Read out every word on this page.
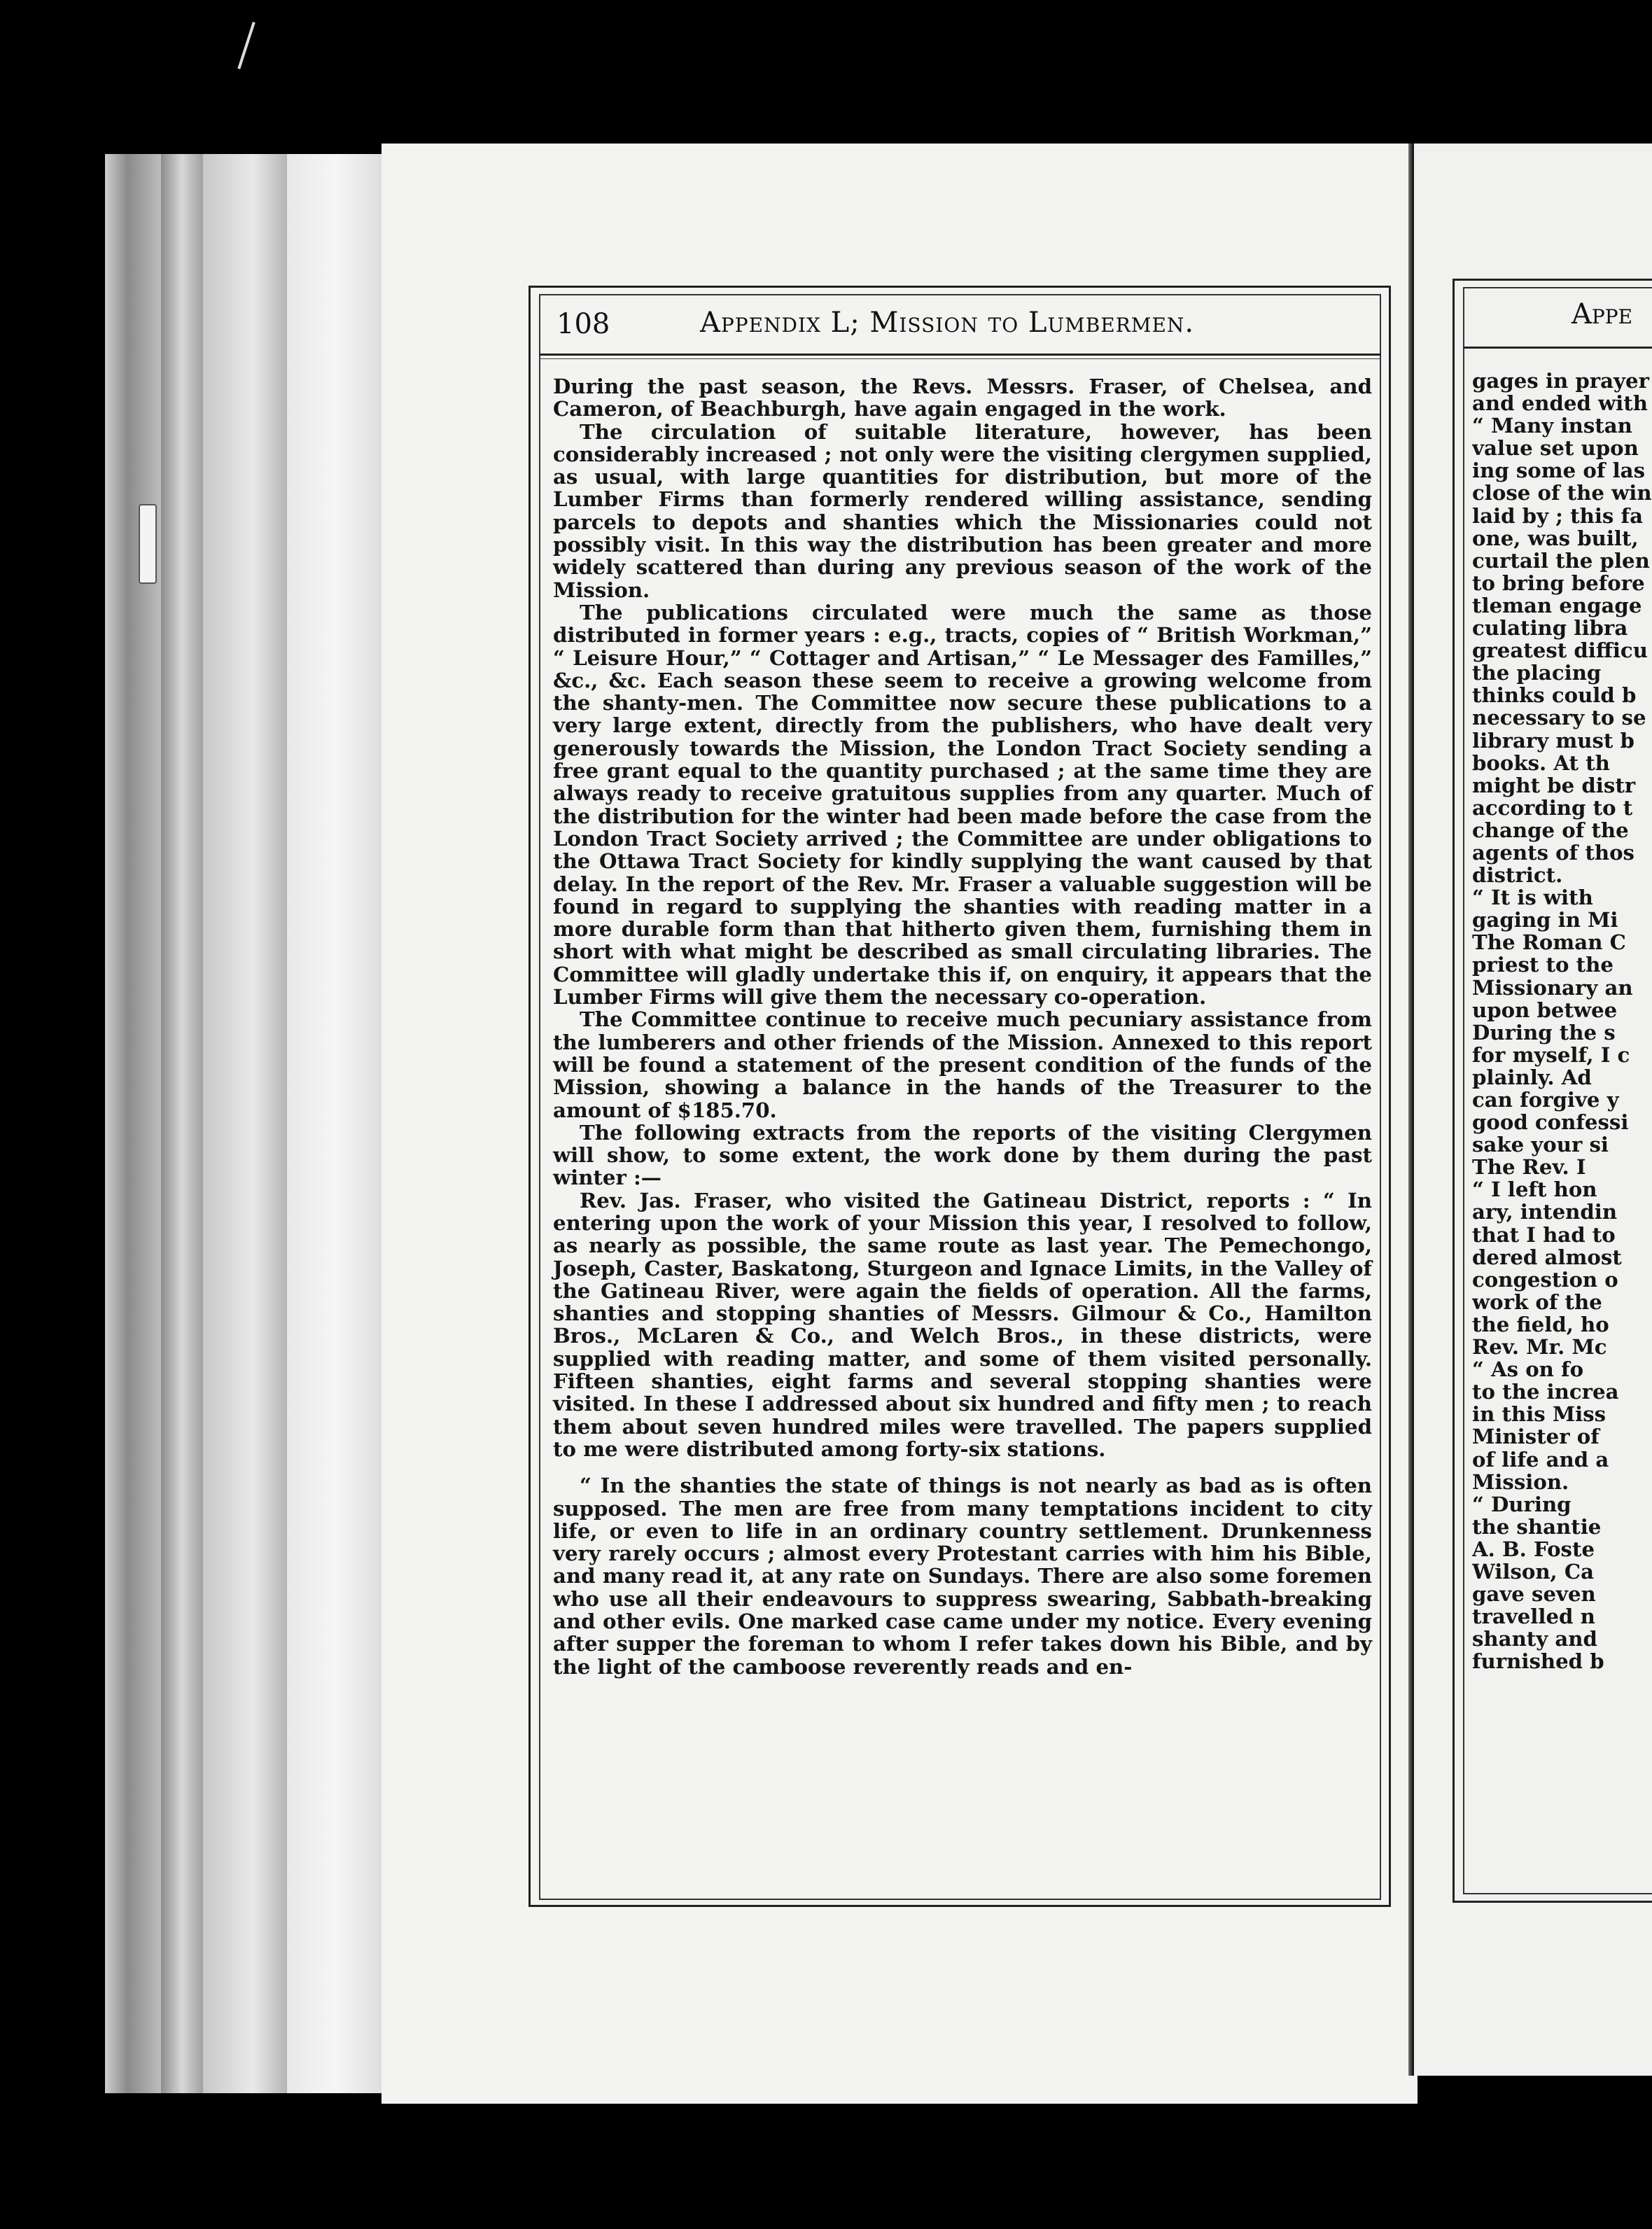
108	Appendix L; Mission to Lumbermen.

During the past season, the Revs. Messrs. Fraser, of Chelsea, and Cameron, of Beachburgh, have again engaged in the work.

The circulation of suitable literature, however, has been considerably increased ; not only were the visiting clergymen supplied, as usual, with large quantities for distribution, but more of the Lumber Firms than formerly rendered willing assistance, sending parcels to depots and shanties which the Missionaries could not possibly visit. In this way the distribution has been greater and more widely scattered than during any previous season of the work of the Mission.

The publications circulated were much the same as those distributed in former years : e.g., tracts, copies of “ British Workman,” “ Leisure Hour,” “ Cottager and Artisan,” “ Le Messager des Familles,” &c., &c. Each season these seem to receive a growing welcome from the shanty-men. The Committee now secure these publications to a very large extent, directly from the publishers, who have dealt very generously towards the Mission, the London Tract Society sending a free grant equal to the quantity purchased ; at the same time they are always ready to receive gratuitous supplies from any quarter. Much of the distribution for the winter had been made before the case from the London Tract Society arrived ; the Committee are under obligations to the Ottawa Tract Society for kindly supplying the want caused by that delay. In the report of the Rev. Mr. Fraser a valuable suggestion will be found in regard to supplying the shanties with reading matter in a more durable form than that hitherto given them, furnishing them in short with what might be described as small circulating libraries. The Committee will gladly undertake this if, on enquiry, it appears that the Lumber Firms will give them the necessary co-operation.

The Committee continue to receive much pecuniary assistance from the lumberers and other friends of the Mission. Annexed to this report will be found a statement of the present condition of the funds of the Mission, showing a balance in the hands of the Treasurer to the amount of $185.70.

The following extracts from the reports of the visiting Clergymen will show, to some extent, the work done by them during the past winter :—

Rev. Jas. Fraser, who visited the Gatineau District, reports : “ In entering upon the work of your Mission this year, I resolved to follow, as nearly as possible, the same route as last year. The Pemechongo, Joseph, Caster, Baskatong, Sturgeon and Ignace Limits, in the Valley of the Gatineau River, were again the fields of operation. All the farms, shanties and stopping shanties of Messrs. Gilmour & Co., Hamilton Bros., McLaren & Co., and Welch Bros., in these districts, were supplied with reading matter, and some of them visited personally. Fifteen shanties, eight farms and several stopping shanties were visited. In these I addressed about six hundred and fifty men ; to reach them about seven hundred miles were travelled. The papers supplied to me were distributed among forty-six stations.

“ In the shanties the state of things is not nearly as bad as is often supposed. The men are free from many temptations incident to city life, or even to life in an ordinary country settlement. Drunkenness very rarely occurs ; almost every Protestant carries with him his Bible, and many read it, at any rate on Sundays. There are also some foremen who use all their endeavours to suppress swearing, Sabbath-breaking and other evils. One marked case came under my notice. Every evening after supper the foreman to whom I refer takes down his Bible, and by the light of the camboose reverently reads and en-

Appe
gages in prayer
and ended with
“ Many instan
value set upon
ing some of las
close of the win
laid by ; this fa
one, was built,
curtail the plen
to bring before
tleman engage
culating libra
greatest difficu
the placing
thinks could b
necessary to se
library must b
books. At th
might be distr
according to t
change of the
agents of thos
district.
“ It is with
gaging in Mi
The Roman C
priest to the
Missionary an
upon betwee
During the s
for myself, I c
plainly. Ad
can forgive y
good confessi
sake your si
The Rev. I
“ I left hon
ary, intendin
that I had to
dered almost
congestion o
work of the
the field, ho
Rev. Mr. Mc
“ As on fo
to the increa
in this Miss
Minister of
of life and a
Mission.
“ During
the shantie
A. B. Foste
Wilson, Ca
gave seven
travelled n
shanty and
furnished b
